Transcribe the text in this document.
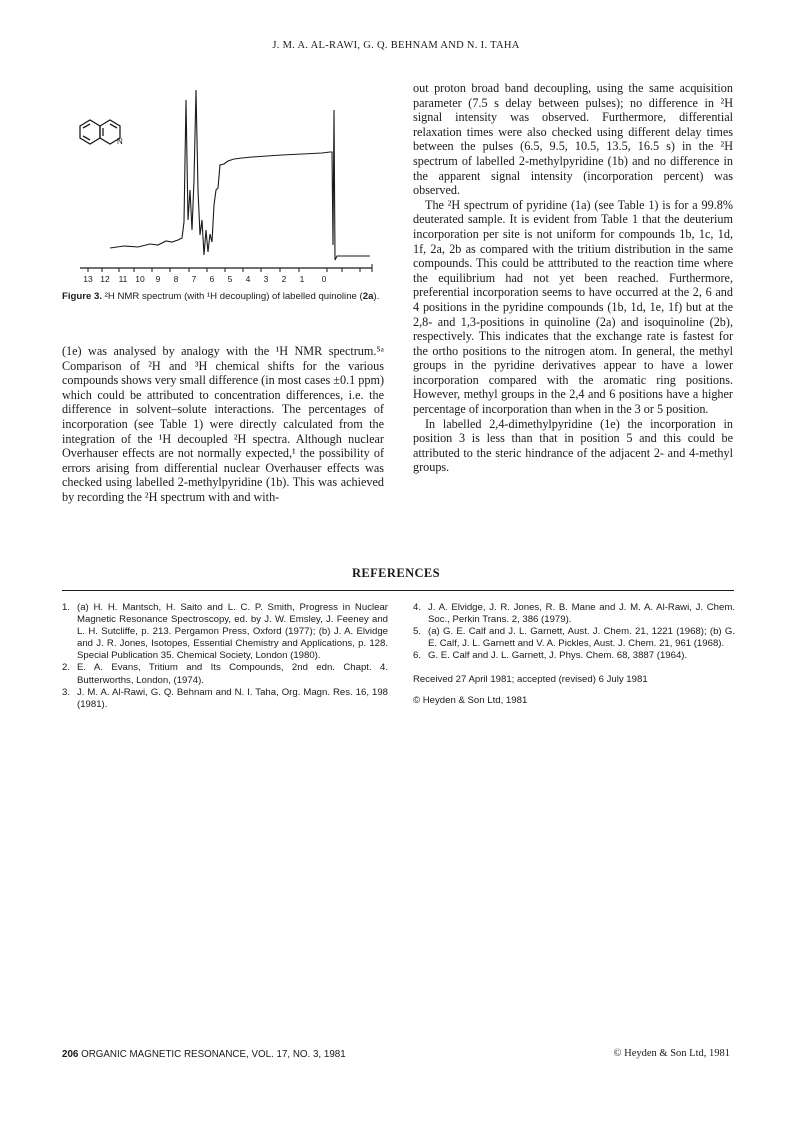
J. M. A. AL-RAWI, G. Q. BEHNAM AND N. I. TAHA
N
13 12 11 10 9 8 7 6 5 4 3 2 1 0
Figure 3. ²H NMR spectrum (with ¹H decoupling) of labelled quinoline (2a).

(1e) was analysed by analogy with the ¹H NMR spectrum.⁵ᵃ Comparison of ²H and ³H chemical shifts for the various compounds shows very small difference (in most cases ±0.1 ppm) which could be attributed to concentration differences, i.e. the difference in solvent–solute interactions. The percentages of incorporation (see Table 1) were directly calculated from the integration of the ¹H decoupled ²H spectra. Although nuclear Overhauser effects are not normally expected,¹ the possibility of errors arising from differential nuclear Overhauser effects was checked using labelled 2-methylpyridine (1b). This was achieved by recording the ²H spectrum with and with-

out proton broad band decoupling, using the same acquisition parameter (7.5 s delay between pulses); no difference in ²H signal intensity was observed. Furthermore, differential relaxation times were also checked using different delay times between the pulses (6.5, 9.5, 10.5, 13.5, 16.5 s) in the ²H spectrum of labelled 2-methylpyridine (1b) and no difference in the apparent signal intensity (incorporation percent) was observed.

The ²H spectrum of pyridine (1a) (see Table 1) is for a 99.8% deuterated sample. It is evident from Table 1 that the deuterium incorporation per site is not uniform for compounds 1b, 1c, 1d, 1f, 2a, 2b as compared with the tritium distribution in the same compounds. This could be atttributed to the reaction time where the equilibrium had not yet been reached. Furthermore, preferential incorporation seems to have occurred at the 2, 6 and 4 positions in the pyridine compounds (1b, 1d, 1e, 1f) but at the 2,8- and 1,3-positions in quinoline (2a) and isoquinoline (2b), respectively. This indicates that the exchange rate is fastest for the ortho positions to the nitrogen atom. In general, the methyl groups in the pyridine derivatives appear to have a lower incorporation compared with the aromatic ring positions. However, methyl groups in the 2,4 and 6 positions have a higher percentage of incorporation than when in the 3 or 5 position.

In labelled 2,4-dimethylpyridine (1e) the incorporation in position 3 is less than that in position 5 and this could be attributed to the steric hindrance of the adjacent 2- and 4-methyl groups.

REFERENCES

1. (a) H. H. Mantsch, H. Saito and L. C. P. Smith, Progress in Nuclear Magnetic Resonance Spectroscopy, ed. by J. W. Emsley, J. Feeney and L. H. Sutcliffe, p. 213. Pergamon Press, Oxford (1977); (b) J. A. Elvidge and J. R. Jones, Isotopes, Essential Chemistry and Applications, p. 128. Special Publication 35. Chemical Society, London (1980).

2. E. A. Evans, Tritium and Its Compounds, 2nd edn. Chapt. 4. Butterworths, London, (1974).

3. J. M. A. Al-Rawi, G. Q. Behnam and N. I. Taha, Org. Magn. Res. 16, 198 (1981).

4. J. A. Elvidge, J. R. Jones, R. B. Mane and J. M. A. Al-Rawi, J. Chem. Soc., Perkin Trans. 2, 386 (1979).

5. (a) G. E. Calf and J. L. Garnett, Aust. J. Chem. 21, 1221 (1968); (b) G. E. Calf, J. L. Garnett and V. A. Pickles, Aust. J. Chem. 21, 961 (1968).

6. G. E. Calf and J. L. Garnett, J. Phys. Chem. 68, 3887 (1964).

Received 27 April 1981; accepted (revised) 6 July 1981
© Heyden & Son Ltd, 1981
206 ORGANIC MAGNETIC RESONANCE, VOL. 17, NO. 3, 1981	© Heyden & Son Ltd, 1981
